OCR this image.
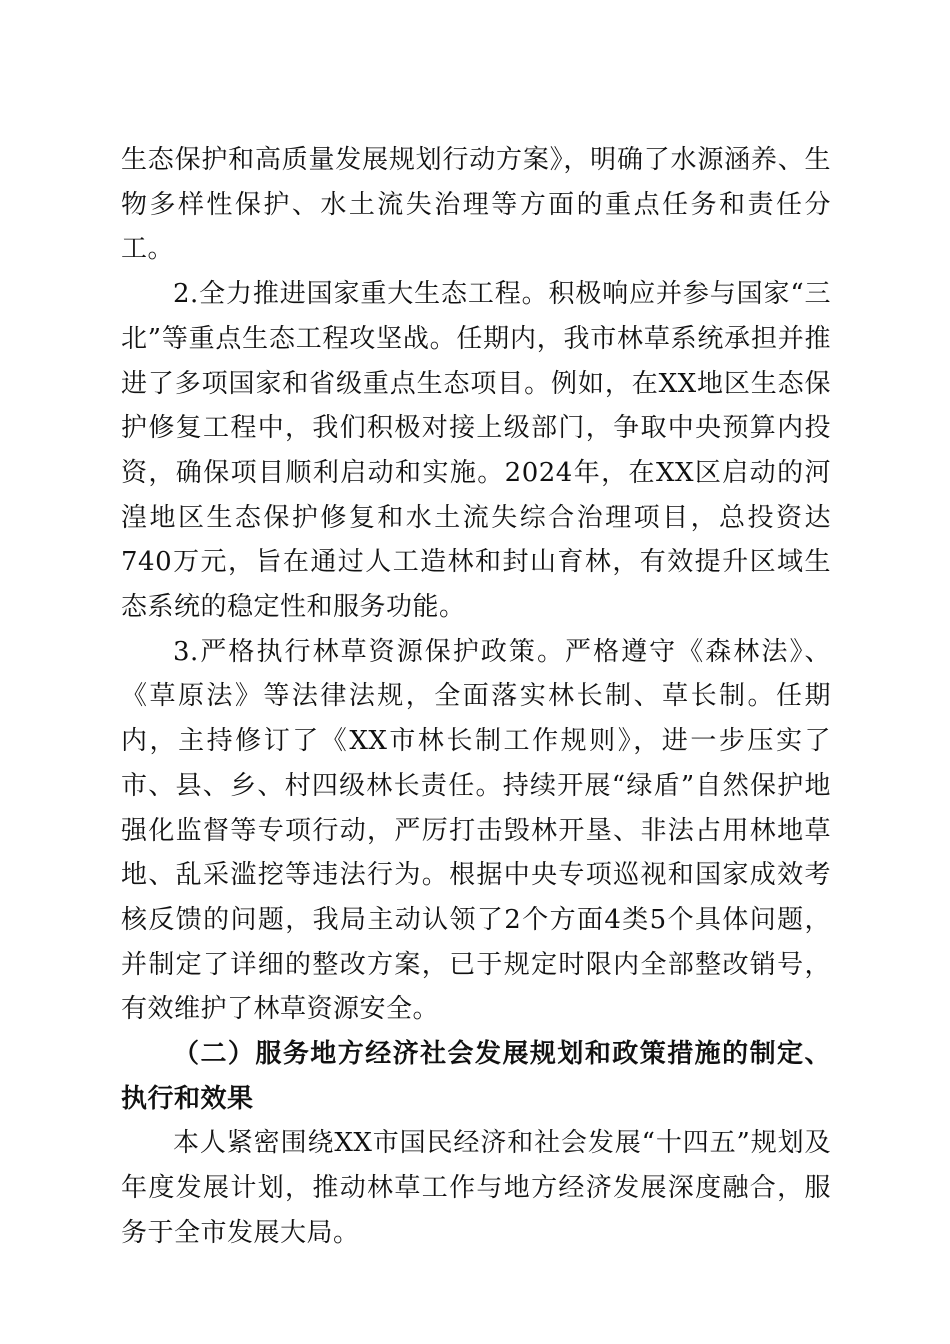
生态保护和高质量发展规划行动方案》，明确了水源涵养、生物多样性保护、水土流失治理等方面的重点任务和责任分工。

2.全力推进国家重大生态工程。积极响应并参与国家“三北”等重点生态工程攻坚战。任期内，我市林草系统承担并推进了多项国家和省级重点生态项目。例如，在XX地区生态保护修复工程中，我们积极对接上级部门，争取中央预算内投资，确保项目顺利启动和实施。2024年，在XX区启动的河湟地区生态保护修复和水土流失综合治理项目，总投资达740万元，旨在通过人工造林和封山育林，有效提升区域生态系统的稳定性和服务功能。

3.严格执行林草资源保护政策。严格遵守《森林法》、《草原法》等法律法规，全面落实林长制、草长制。任期内，主持修订了《XX市林长制工作规则》，进一步压实了市、县、乡、村四级林长责任。持续开展“绿盾”自然保护地强化监督等专项行动，严厉打击毁林开垦、非法占用林地草地、乱采滥挖等违法行为。根据中央专项巡视和国家成效考核反馈的问题，我局主动认领了2个方面4类5个具体问题，并制定了详细的整改方案，已于规定时限内全部整改销号，有效维护了林草资源安全。

（二）服务地方经济社会发展规划和政策措施的制定、执行和效果

本人紧密围绕XX市国民经济和社会发展“十四五”规划及年度发展计划，推动林草工作与地方经济发展深度融合，服务于全市发展大局。
